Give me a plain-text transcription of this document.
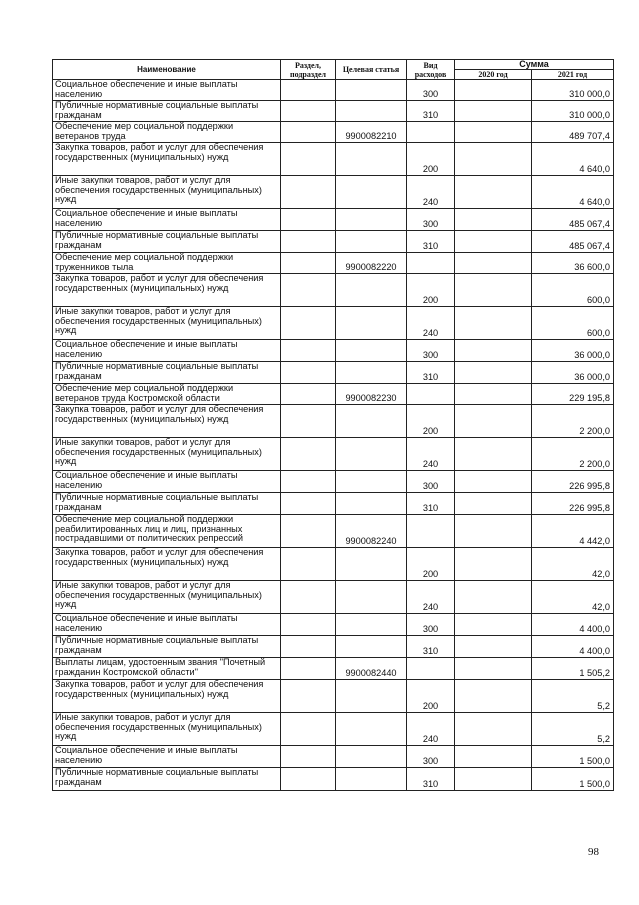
Наименование	Раздел, подраздел	Целевая статья	Вид расходов	Сумма	
				2020 год	2021 год
Социальное обеспечение и иные выплаты населению			300		310 000,0
Публичные нормативные социальные выплаты гражданам			310		310 000,0
Обеспечение мер социальной поддержки ветеранов труда		9900082210			489 707,4
Закупка товаров, работ и услуг для обеспечения государственных (муниципальных) нужд			200		4 640,0
Иные закупки товаров, работ и услуг для обеспечения государственных (муниципальных) нужд			240		4 640,0
Социальное обеспечение и иные выплаты населению			300		485 067,4
Публичные нормативные социальные выплаты гражданам			310		485 067,4
Обеспечение мер социальной поддержки труженников тыла		9900082220			36 600,0
Закупка товаров, работ и услуг для обеспечения государственных (муниципальных) нужд			200		600,0
Иные закупки товаров, работ и услуг для обеспечения государственных (муниципальных) нужд			240		600,0
Социальное обеспечение и иные выплаты населению			300		36 000,0
Публичные нормативные социальные выплаты гражданам			310		36 000,0
Обеспечение мер социальной поддержки ветеранов труда Костромской области		9900082230			229 195,8
Закупка товаров, работ и услуг для обеспечения государственных (муниципальных) нужд			200		2 200,0
Иные закупки товаров, работ и услуг для обеспечения государственных (муниципальных) нужд			240		2 200,0
Социальное обеспечение и иные выплаты населению			300		226 995,8
Публичные нормативные социальные выплаты гражданам			310		226 995,8
Обеспечение мер социальной поддержки реабилитированных лиц и лиц, признанных пострадавшими от политических репрессий		9900082240			4 442,0
Закупка товаров, работ и услуг для обеспечения государственных (муниципальных) нужд			200		42,0
Иные закупки товаров, работ и услуг для обеспечения государственных (муниципальных) нужд			240		42,0
Социальное обеспечение и иные выплаты населению			300		4 400,0
Публичные нормативные социальные выплаты гражданам			310		4 400,0
Выплаты лицам, удостоенным звания "Почетный гражданин Костромской области"		9900082440			1 505,2
Закупка товаров, работ и услуг для обеспечения государственных (муниципальных) нужд			200		5,2
Иные закупки товаров, работ и услуг для обеспечения государственных (муниципальных) нужд			240		5,2
Социальное обеспечение и иные выплаты населению			300		1 500,0
Публичные нормативные социальные выплаты гражданам			310		1 500,0
98
